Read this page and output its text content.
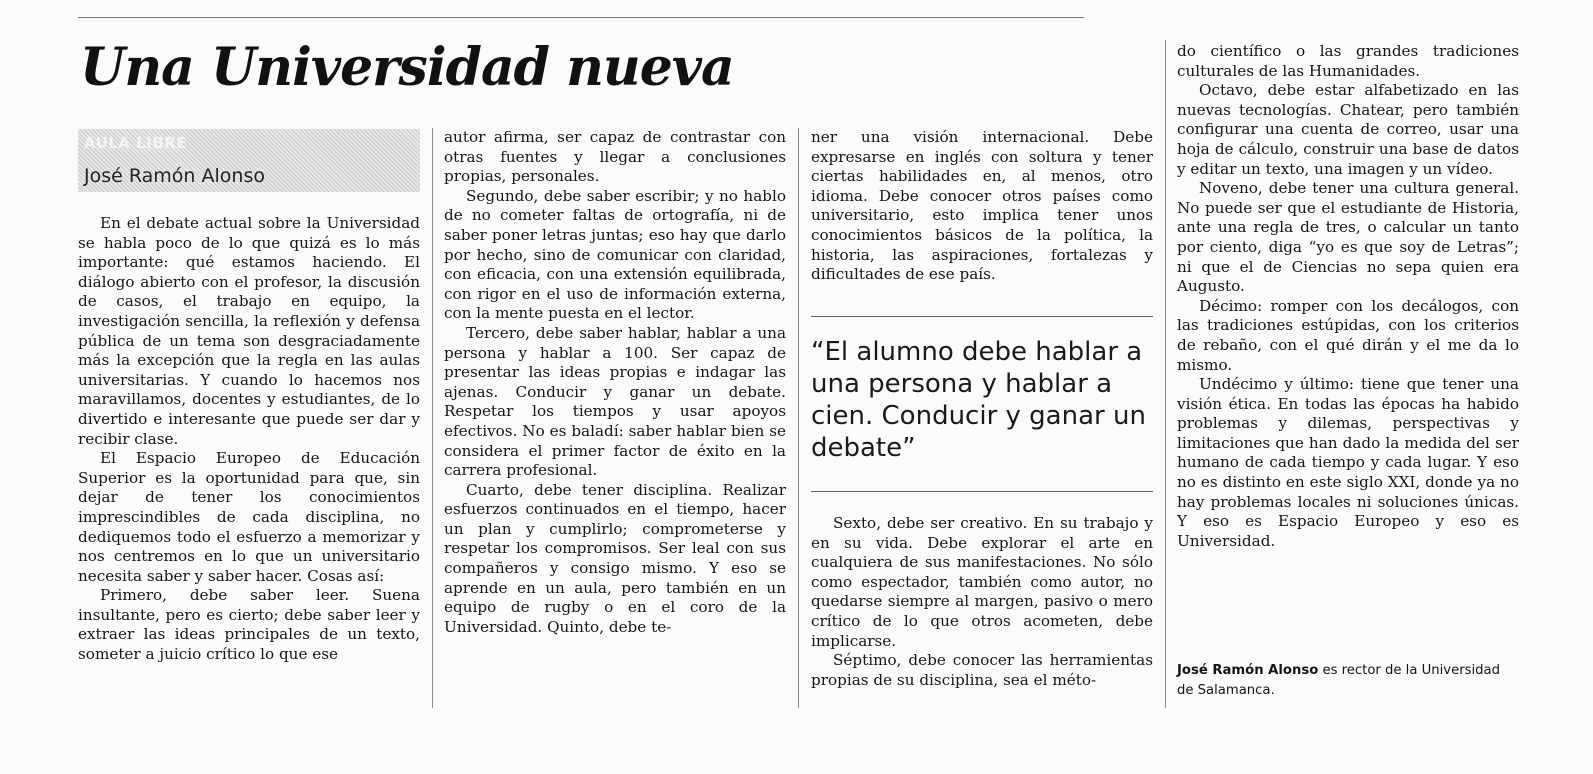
Una Universidad nueva
AULA LIBRE
José Ramón Alonso

En el debate actual sobre la Universidad se habla poco de lo que quizá es lo más importante: qué estamos haciendo. El diálogo abierto con el profesor, la discusión de casos, el trabajo en equipo, la investigación sencilla, la reflexión y defensa pública de un tema son desgraciadamente más la excepción que la regla en las aulas universitarias. Y cuando lo hacemos nos maravillamos, docentes y estudiantes, de lo divertido e interesante que puede ser dar y recibir clase.

El Espacio Europeo de Educación Superior es la oportunidad para que, sin dejar de tener los conocimientos imprescindibles de cada disciplina, no dediquemos todo el esfuerzo a memorizar y nos centremos en lo que un universitario necesita saber y saber hacer. Cosas así:

Primero, debe saber leer. Suena insultante, pero es cierto; debe saber leer y extraer las ideas principales de un texto, someter a juicio crítico lo que ese

autor afirma, ser capaz de contrastar con otras fuentes y llegar a conclusiones propias, personales.

Segundo, debe saber escribir; y no hablo de no cometer faltas de ortografía, ni de saber poner letras juntas; eso hay que darlo por hecho, sino de comunicar con claridad, con eficacia, con una extensión equilibrada, con rigor en el uso de información externa, con la mente puesta en el lector.

Tercero, debe saber hablar, hablar a una persona y hablar a 100. Ser capaz de presentar las ideas propias e indagar las ajenas. Conducir y ganar un debate. Respetar los tiempos y usar apoyos efectivos. No es baladí: saber hablar bien se considera el primer factor de éxito en la carrera profesional.

Cuarto, debe tener disciplina. Realizar esfuerzos continuados en el tiempo, hacer un plan y cumplirlo; comprometerse y respetar los compromisos. Ser leal con sus compañeros y consigo mismo. Y eso se aprende en un aula, pero también en un equipo de rugby o en el coro de la Universidad. Quinto, debe te-

ner una visión internacional. Debe expresarse en inglés con soltura y tener ciertas habilidades en, al menos, otro idioma. Debe conocer otros países como universitario, esto implica tener unos conocimientos básicos de la política, la historia, las aspiraciones, fortalezas y dificultades de ese país.

“El alumno debe hablar a una persona y hablar a cien. Conducir y ganar un debate”

Sexto, debe ser creativo. En su trabajo y en su vida. Debe explorar el arte en cualquiera de sus manifestaciones. No sólo como espectador, también como autor, no quedarse siempre al margen, pasivo o mero crítico de lo que otros acometen, debe implicarse.

Séptimo, debe conocer las herramientas propias de su disciplina, sea el méto-

do científico o las grandes tradiciones culturales de las Humanidades.

Octavo, debe estar alfabetizado en las nuevas tecnologías. Chatear, pero también configurar una cuenta de correo, usar una hoja de cálculo, construir una base de datos y editar un texto, una imagen y un vídeo.

Noveno, debe tener una cultura general. No puede ser que el estudiante de Historia, ante una regla de tres, o calcular un tanto por ciento, diga “yo es que soy de Letras”; ni que el de Ciencias no sepa quien era Augusto.

Décimo: romper con los decálogos, con las tradiciones estúpidas, con los criterios de rebaño, con el qué dirán y el me da lo mismo.

Undécimo y último: tiene que tener una visión ética. En todas las épocas ha habido problemas y dilemas, perspectivas y limitaciones que han dado la medida del ser humano de cada tiempo y cada lugar. Y eso no es distinto en este siglo XXI, donde ya no hay problemas locales ni soluciones únicas. Y eso es Espacio Europeo y eso es Universidad.

José Ramón Alonso es rector de la Universidad de Salamanca.
